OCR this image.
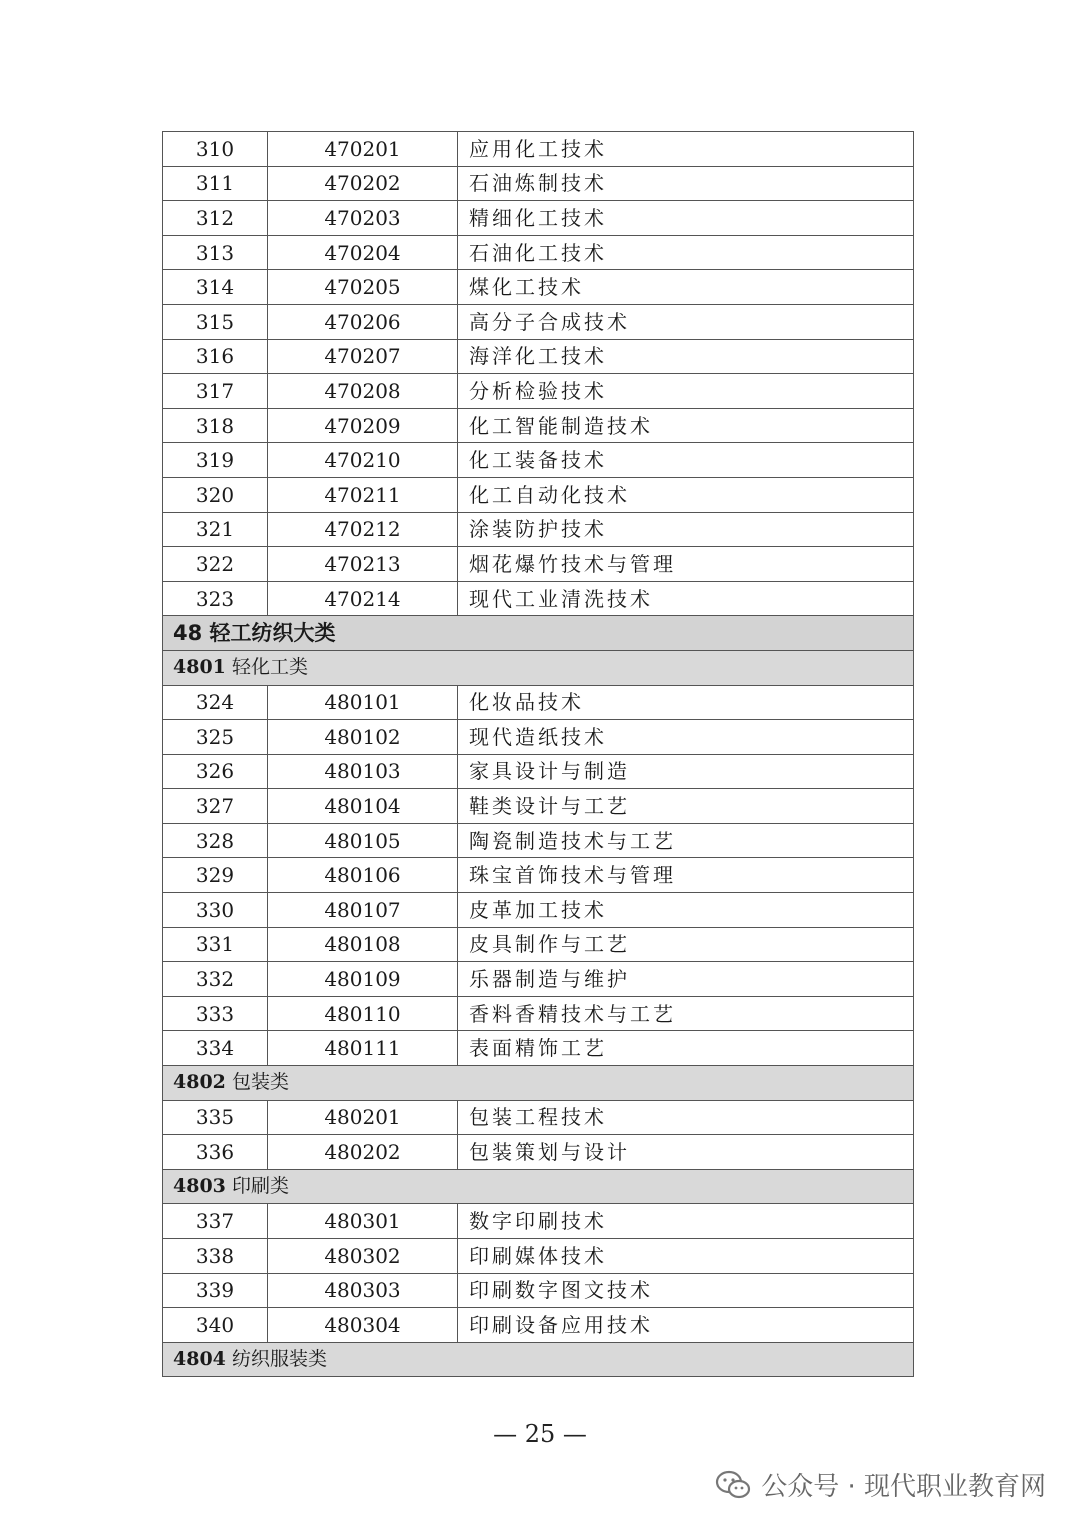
310	470201	应用化工技术
311	470202	石油炼制技术
312	470203	精细化工技术
313	470204	石油化工技术
314	470205	煤化工技术
315	470206	高分子合成技术
316	470207	海洋化工技术
317	470208	分析检验技术
318	470209	化工智能制造技术
319	470210	化工装备技术
320	470211	化工自动化技术
321	470212	涂装防护技术
322	470213	烟花爆竹技术与管理
323	470214	现代工业清洗技术
48 轻工纺织大类		
4801 轻化工类		
324	480101	化妆品技术
325	480102	现代造纸技术
326	480103	家具设计与制造
327	480104	鞋类设计与工艺
328	480105	陶瓷制造技术与工艺
329	480106	珠宝首饰技术与管理
330	480107	皮革加工技术
331	480108	皮具制作与工艺
332	480109	乐器制造与维护
333	480110	香料香精技术与工艺
334	480111	表面精饰工艺
4802 包装类		
335	480201	包装工程技术
336	480202	包装策划与设计
4803 印刷类		
337	480301	数字印刷技术
338	480302	印刷媒体技术
339	480303	印刷数字图文技术
340	480304	印刷设备应用技术
4804 纺织服装类		
— 25 —
公众号 · 现代职业教育网
